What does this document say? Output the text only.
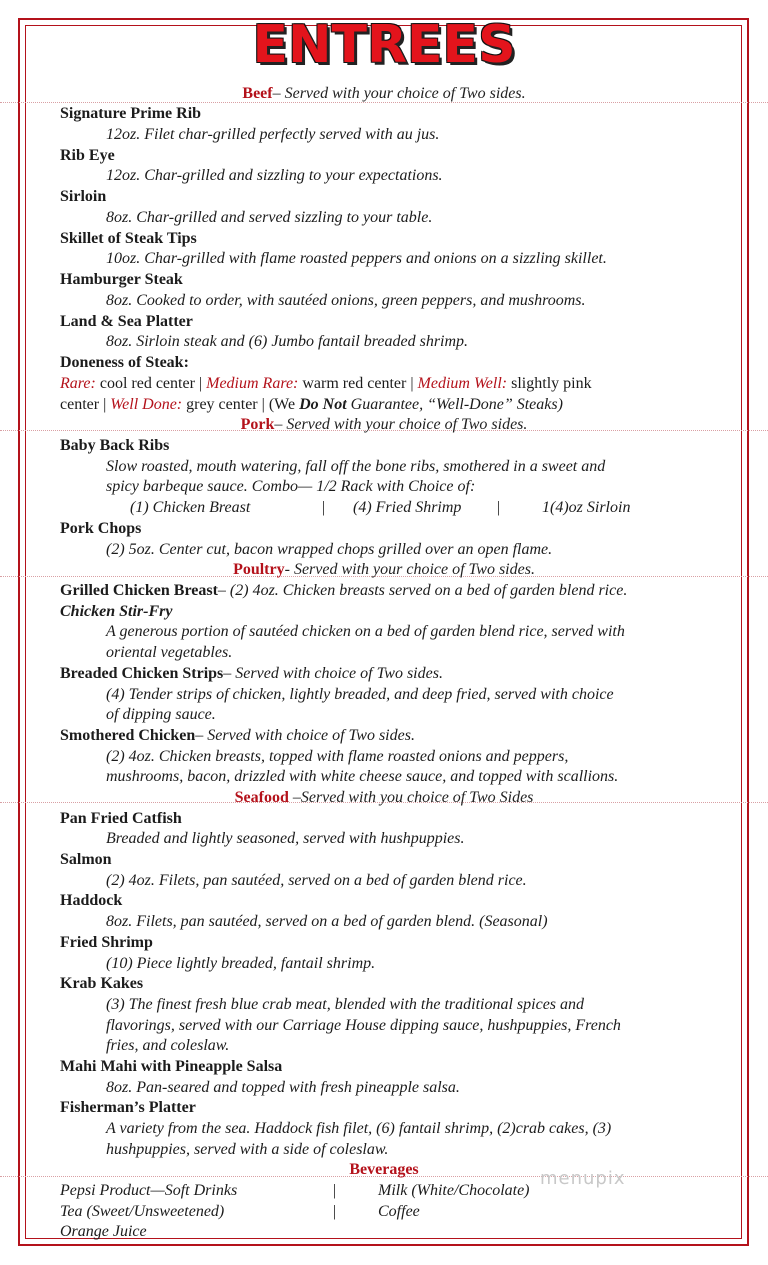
ENTREES
Beef– Served with your choice of Two sides.
Signature Prime Rib
12oz. Filet char-grilled perfectly served with au jus.
Rib Eye
12oz. Char-grilled and sizzling to your expectations.
Sirloin
8oz. Char-grilled and served sizzling to your table.
Skillet of Steak Tips
10oz. Char-grilled with flame roasted peppers and onions on a sizzling skillet.
Hamburger Steak
8oz. Cooked to order, with sautéed onions, green peppers, and mushrooms.
Land & Sea Platter
8oz. Sirloin steak and (6) Jumbo fantail breaded shrimp.
Doneness of Steak:
Rare: cool red center | Medium Rare: warm red center | Medium Well: slightly pink
center | Well Done: grey center | (We Do Not Guarantee, “Well-Done” Steaks)
Pork– Served with your choice of Two sides.
Baby Back Ribs
Slow roasted, mouth watering, fall off the bone ribs, smothered in a sweet and
spicy barbeque sauce. Combo— 1/2 Rack with Choice of:
(1) Chicken Breast	| (4) Fried Shrimp |	1(4)oz Sirloin
Pork Chops
(2) 5oz. Center cut, bacon wrapped chops grilled over an open flame.
Poultry- Served with your choice of Two sides.
Grilled Chicken Breast– (2) 4oz. Chicken breasts served on a bed of garden blend rice.
Chicken Stir-Fry
A generous portion of sautéed chicken on a bed of garden blend rice, served with
oriental vegetables.
Breaded Chicken Strips– Served with choice of Two sides.
(4) Tender strips of chicken, lightly breaded, and deep fried, served with choice
of dipping sauce.
Smothered Chicken– Served with choice of Two sides.
(2) 4oz. Chicken breasts, topped with flame roasted onions and peppers,
mushrooms, bacon, drizzled with white cheese sauce, and topped with scallions.
Seafood –Served with you choice of Two Sides
Pan Fried Catfish
Breaded and lightly seasoned, served with hushpuppies.
Salmon
(2) 4oz. Filets, pan sautéed, served on a bed of garden blend rice.
Haddock
8oz. Filets, pan sautéed, served on a bed of garden blend. (Seasonal)
Fried Shrimp
(10) Piece lightly breaded, fantail shrimp.
Krab Kakes
(3) The finest fresh blue crab meat, blended with the traditional spices and
flavorings, served with our Carriage House dipping sauce, hushpuppies, French
fries, and coleslaw.
Mahi Mahi with Pineapple Salsa
8oz. Pan-seared and topped with fresh pineapple salsa.
Fisherman’s Platter
A variety from the sea. Haddock fish filet, (6) fantail shrimp, (2)crab cakes, (3)
hushpuppies, served with a side of coleslaw.
Beverages
Pepsi Product—Soft Drinks	|	Milk (White/Chocolate)
Tea (Sweet/Unsweetened)	|	Coffee
Orange Juice
menupix
